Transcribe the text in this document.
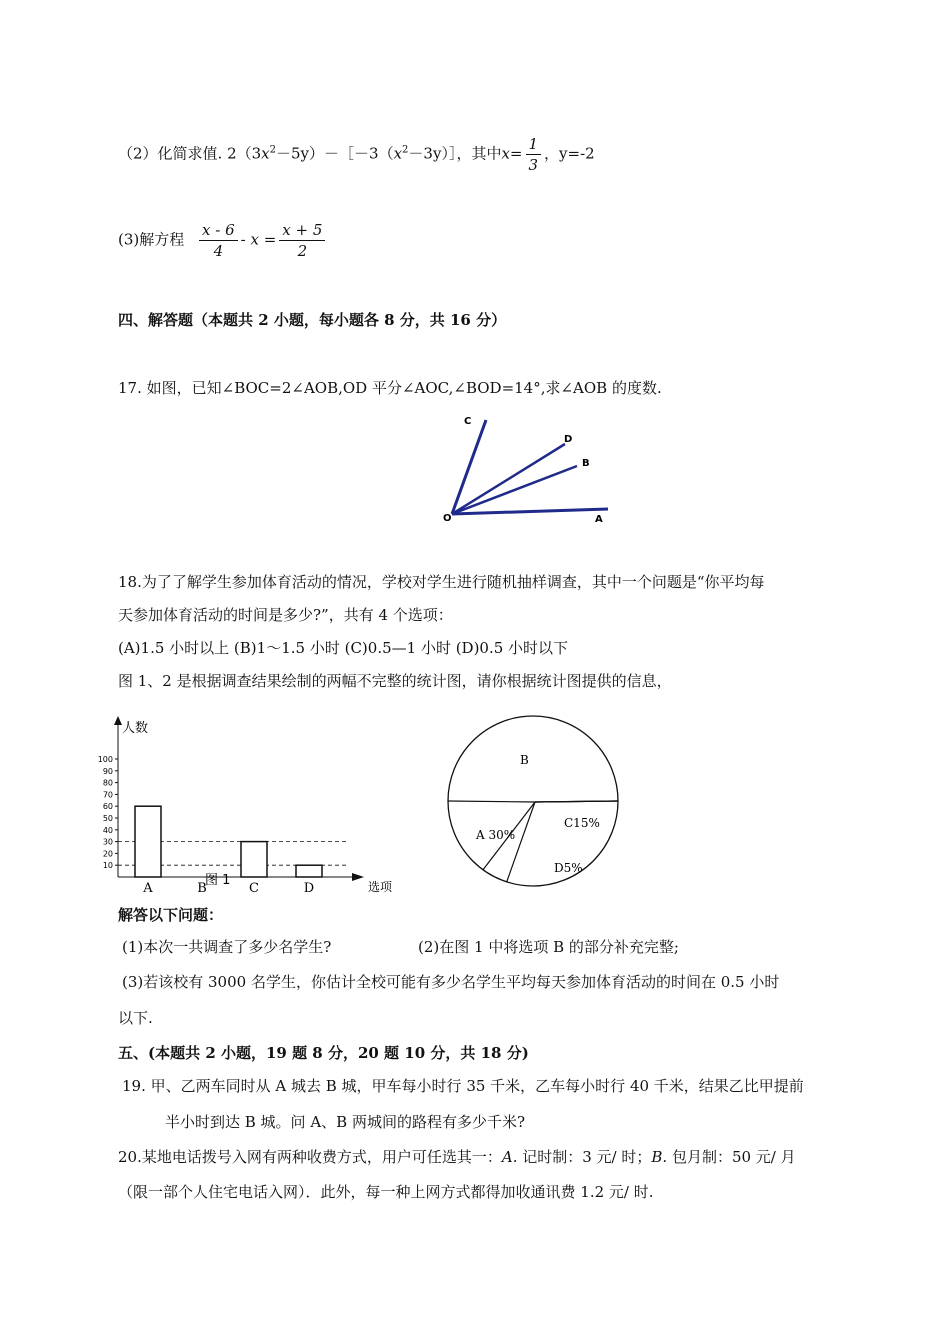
（2）化简求值. $2(3x^2-5y)-[-3(x^2-3y)]$，其中$x= \frac{1}{3}$ ，y=-2
(3)解方程 $\frac{x - 6}{4} - x = \frac{x + 5}{2}$
四、解答题（本题共 2 小题，每小题各 8 分，共 16 分）
17. 如图，已知∠BOC=2∠AOB,OD 平分∠AOC,∠BOD=14°,求∠AOB 的度数.
C
D
B
O	A
18.为了了解学生参加体育活动的情况，学校对学生进行随机抽样调查，其中一个问题是“你平均每
天参加体育活动的时间是多少?”，共有 4 个选项：
(A)1.5 小时以上 (B)1～1.5 小时 (C)0.5—1 小时 (D)0.5 小时以下
图 1、2 是根据调查结果绘制的两幅不完整的统计图，请你根据统计图提供的信息，
人数
选项
图 1
100
90
80
70
60
50
40
30
20
10
A	B	C	D
B
A 30%
C15%
D5%
解答以下问题：
(1)本次一共调查了多少名学生?	(2)在图 1 中将选项 B 的部分补充完整;
(3)若该校有 3000 名学生，你估计全校可能有多少名学生平均每天参加体育活动的时间在 0.5 小时
以下.
五、(本题共 2 小题，19 题 8 分，20 题 10 分，共 18 分)
19. 甲、乙两车同时从 A 城去 B 城，甲车每小时行 35 千米，乙车每小时行 40 千米，结果乙比甲提前
半小时到达 B 城。问 A、B 两城间的路程有多少千米?
20.某地电话拨号入网有两种收费方式，用户可任选其一：A. 记时制：3 元/ 时；B. 包月制：50 元/ 月
（限一部个人住宅电话入网）．此外，每一种上网方式都得加收通讯费 1.2 元/ 时.
